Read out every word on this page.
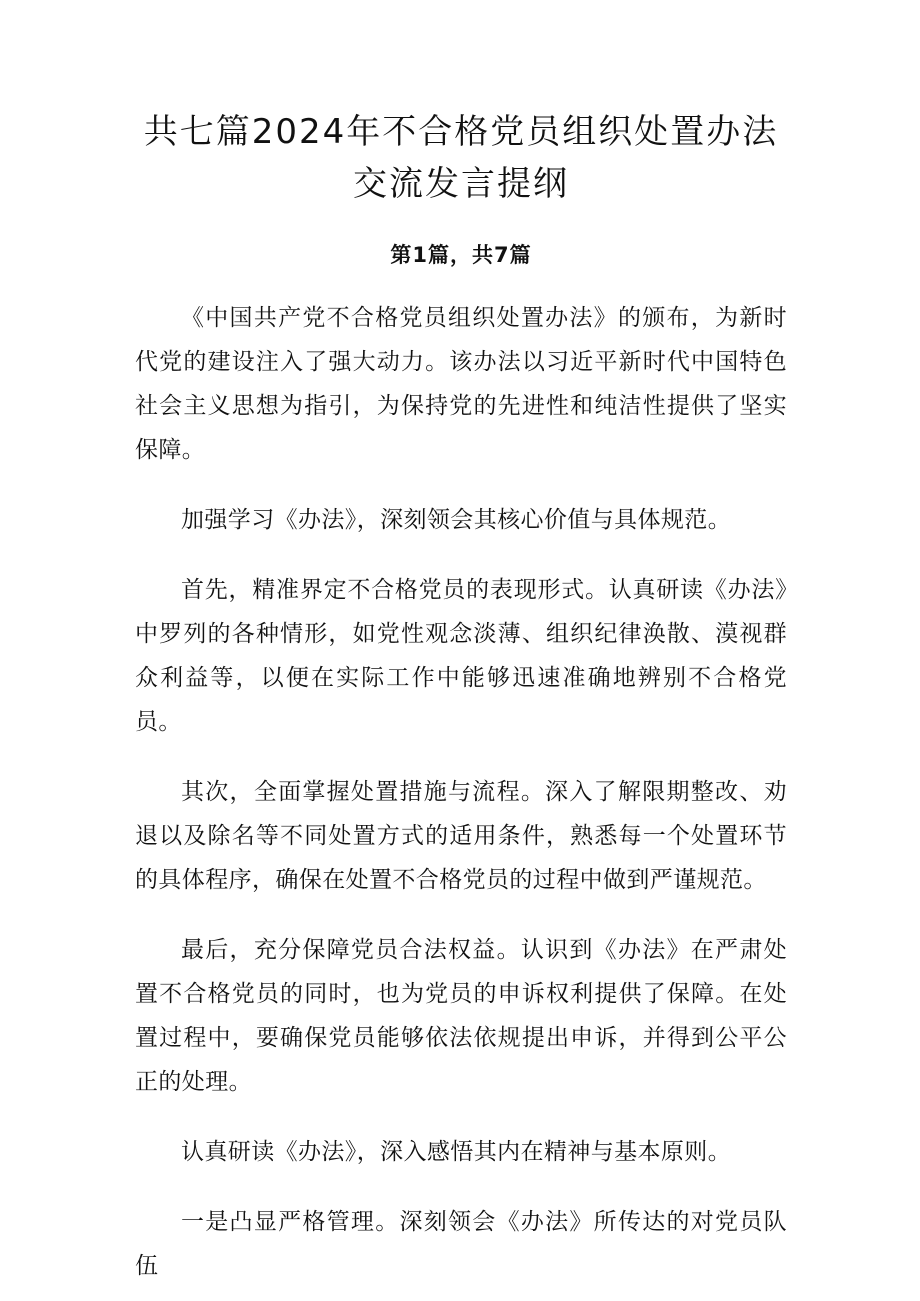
共七篇2024年不合格党员组织处置办法交流发言提纲
第1篇，共7篇

《中国共产党不合格党员组织处置办法》的颁布，为新时代党的建设注入了强大动力。该办法以习近平新时代中国特色社会主义思想为指引，为保持党的先进性和纯洁性提供了坚实保障。

加强学习《办法》，深刻领会其核心价值与具体规范。

首先，精准界定不合格党员的表现形式。认真研读《办法》中罗列的各种情形，如党性观念淡薄、组织纪律涣散、漠视群众利益等，以便在实际工作中能够迅速准确地辨别不合格党员。

其次，全面掌握处置措施与流程。深入了解限期整改、劝退以及除名等不同处置方式的适用条件，熟悉每一个处置环节的具体程序，确保在处置不合格党员的过程中做到严谨规范。

最后，充分保障党员合法权益。认识到《办法》在严肃处置不合格党员的同时，也为党员的申诉权利提供了保障。在处置过程中，要确保党员能够依法依规提出申诉，并得到公平公正的处理。

认真研读《办法》，深入感悟其内在精神与基本原则。

一是凸显严格管理。深刻领会《办法》所传达的对党员队伍
